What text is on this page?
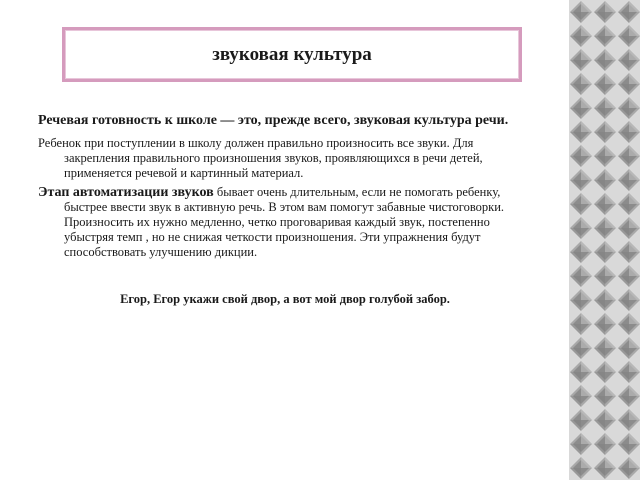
звуковая культура

Речевая готовность к школе — это, прежде всего, звуковая культура речи.

Ребенок при поступлении в школу должен правильно произносить все звуки. Для закрепления правильного произношения звуков, проявляющихся в речи детей, применяется речевой и картинный материал.

Этап автоматизации звуков бывает очень длительным, если не помогать ребенку, быстрее ввести звук в активную речь. В этом вам помогут забавные чистоговорки. Произносить их нужно медленно, четко проговаривая каждый звук, постепенно убыстряя темп , но не снижая четкости произношения. Эти упражнения будут способствовать улучшению дикции.

Егор, Егор укажи свой двор, а вот мой двор голубой забор.
